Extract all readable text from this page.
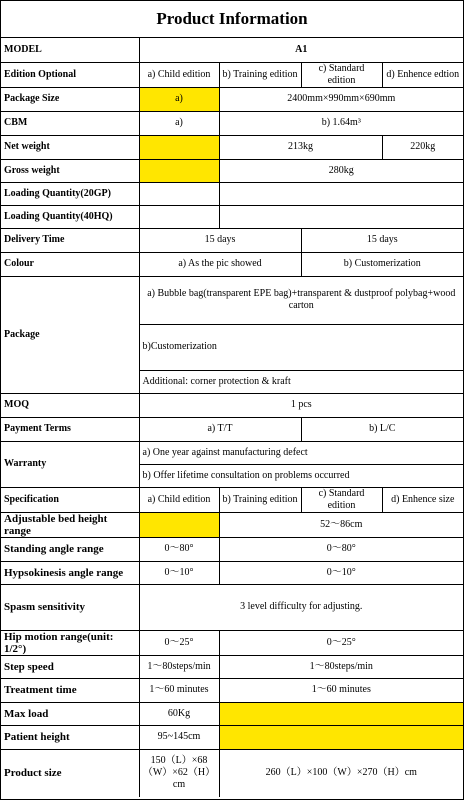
Product Information
MODEL	A1			
Edition Optional	a) Child edition	b) Training edition	c) Standard edition	d) Enhence edtion
Package Size	a)	2400mm×990mm×690mm		
CBM	a)	b) 1.64m³		
Net weight		213kg		220kg
Gross weight		280kg		
Loading Quantity(20GP)				
Loading Quantity(40HQ)				
Delivery Time	15 days		15 days	
Colour	a) As the pic showed		b) Customerization	
Package	a) Bubble bag(transparent EPE bag)+transparent & dustproof polybag+wood carton			
	b)Customerization			
	Additional: corner protection & kraft			
MOQ	1 pcs			
Payment Terms	a) T/T		b) L/C	
Warranty	a) One year against manufacturing defect			
	b) Offer lifetime consultation on problems occurred			
Specification	a) Child edition	b) Training edition	c) Standard edition	d) Enhence size
Adjustable bed height range		52～86cm		
Standing angle range	0～80°	0～80°		
Hypsokinesis angle range	0～10°	0～10°		
Spasm sensitivity	3 level difficulty for adjusting.			
Hip motion range(unit: 1/2°)	0～25°	0～25°		
Step speed	1～80steps/min	1～80steps/min		
Treatment time	1～60 minutes	1～60 minutes		
Max load	60Kg			
Patient height	95~145cm			
Product size	150（L）×68（W）×62（H）cm	260（L）×100（W）×270（H）cm		
